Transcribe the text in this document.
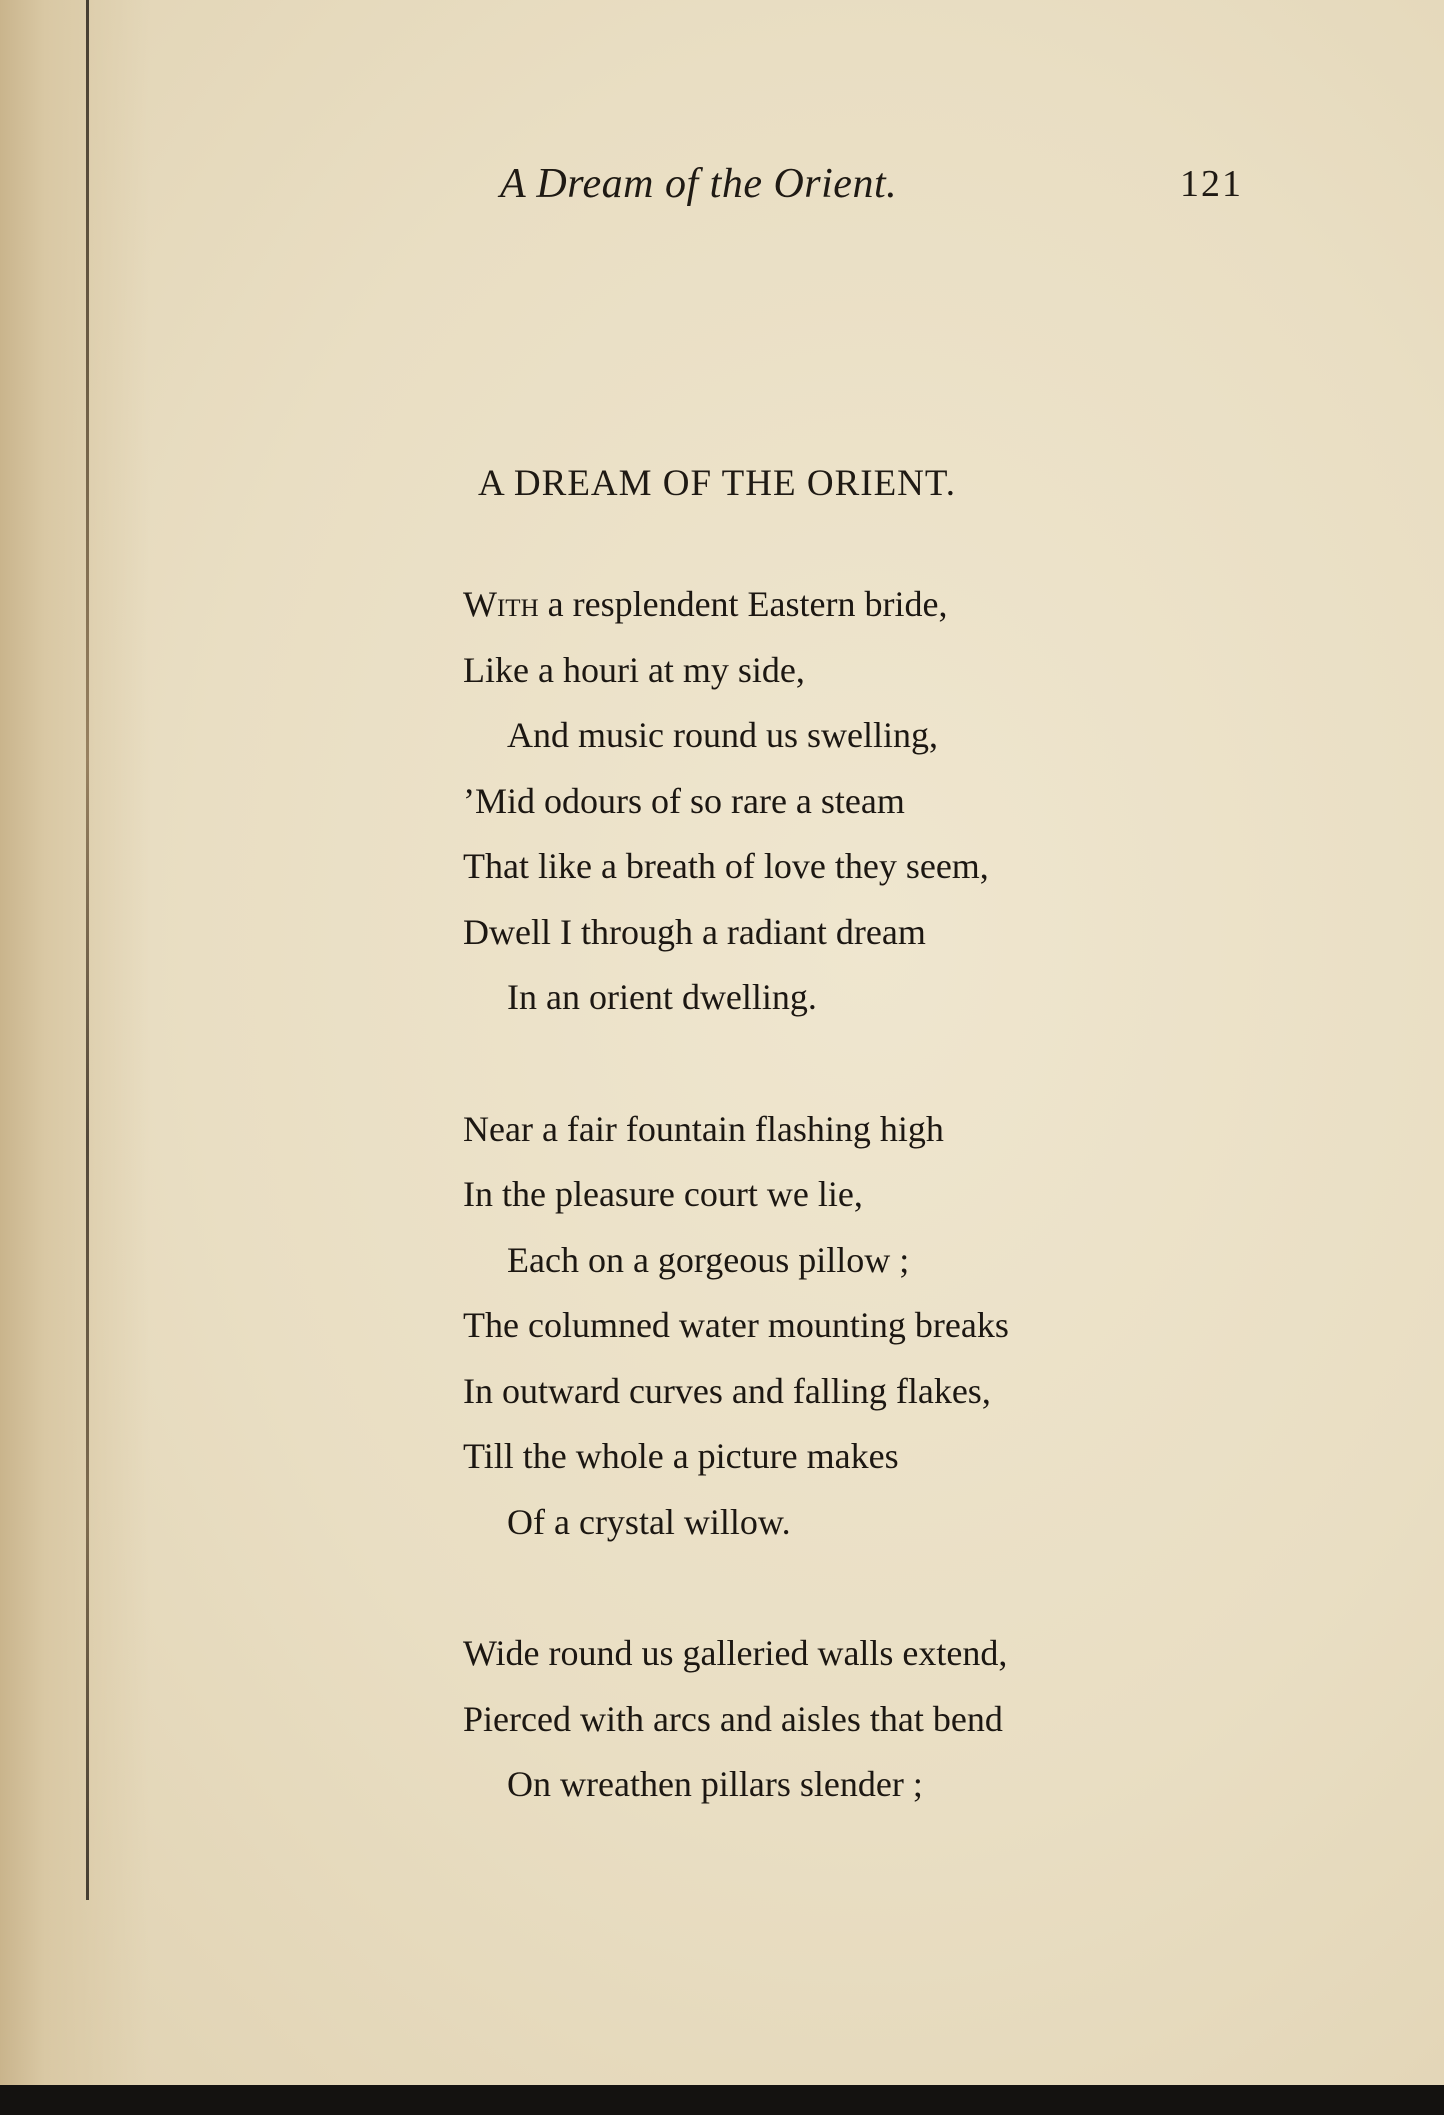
A Dream of the Orient.	121
A DREAM OF THE ORIENT.
With a resplendent Eastern bride,
Like a houri at my side,
And music round us swelling,
’Mid odours of so rare a steam
That like a breath of love they seem,
Dwell I through a radiant dream
In an orient dwelling.
Near a fair fountain flashing high
In the pleasure court we lie,
Each on a gorgeous pillow ;
The columned water mounting breaks
In outward curves and falling flakes,
Till the whole a picture makes
Of a crystal willow.
Wide round us galleried walls extend,
Pierced with arcs and aisles that bend
On wreathen pillars slender ;
